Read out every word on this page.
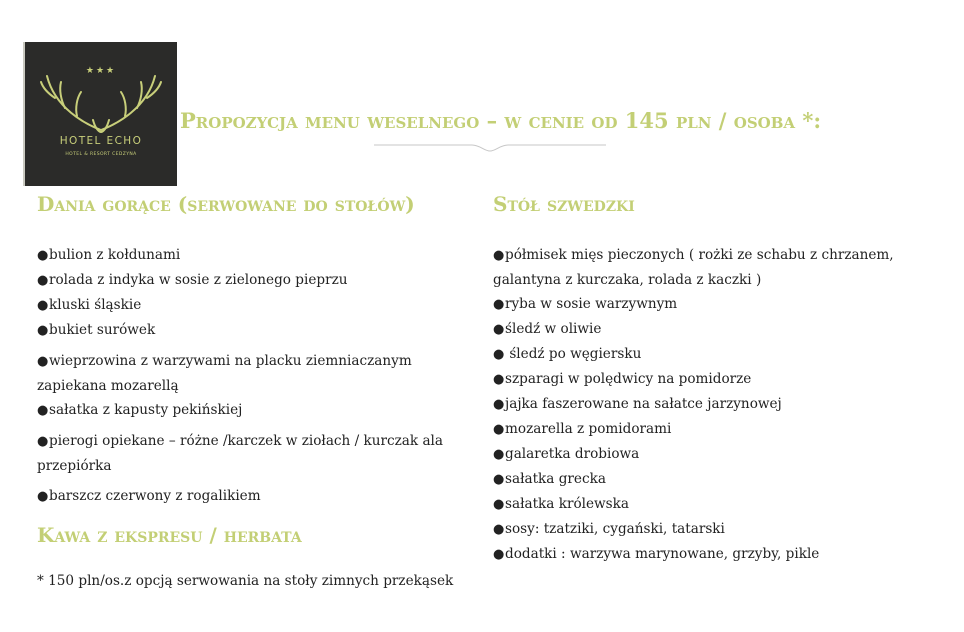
★★★
HOTEL ECHO
HOTEL & RESORT CEDZYNA
Propozycja menu weselnego – w cenie od 145 pln / osoba *:
Dania gorące (serwowane do stołów)
●bulion z kołdunami
●rolada z indyka w sosie z zielonego pieprzu
●kluski śląskie
●bukiet surówek
●wieprzowina z warzywami na placku ziemniaczanym zapiekana mozarellą
●sałatka z kapusty pekińskiej
●pierogi opiekane – różne /karczek w ziołach / kurczak ala przepiórka
●barszcz czerwony z rogalikiem
Kawa z ekspresu / herbata
Stół szwedzki
●półmisek mięs pieczonych ( rożki ze schabu z chrzanem, galantyna z kurczaka, rolada z kaczki )
●ryba w sosie warzywnym
●śledź w oliwie
● śledź po węgiersku
●szparagi w polędwicy na pomidorze
●jajka faszerowane na sałatce jarzynowej
●mozarella z pomidorami
●galaretka drobiowa
●sałatka grecka
●sałatka królewska
●sosy: tzatziki, cygański, tatarski
●dodatki : warzywa marynowane, grzyby, pikle
* 150 pln/os.z opcją serwowania na stoły zimnych przekąsek
